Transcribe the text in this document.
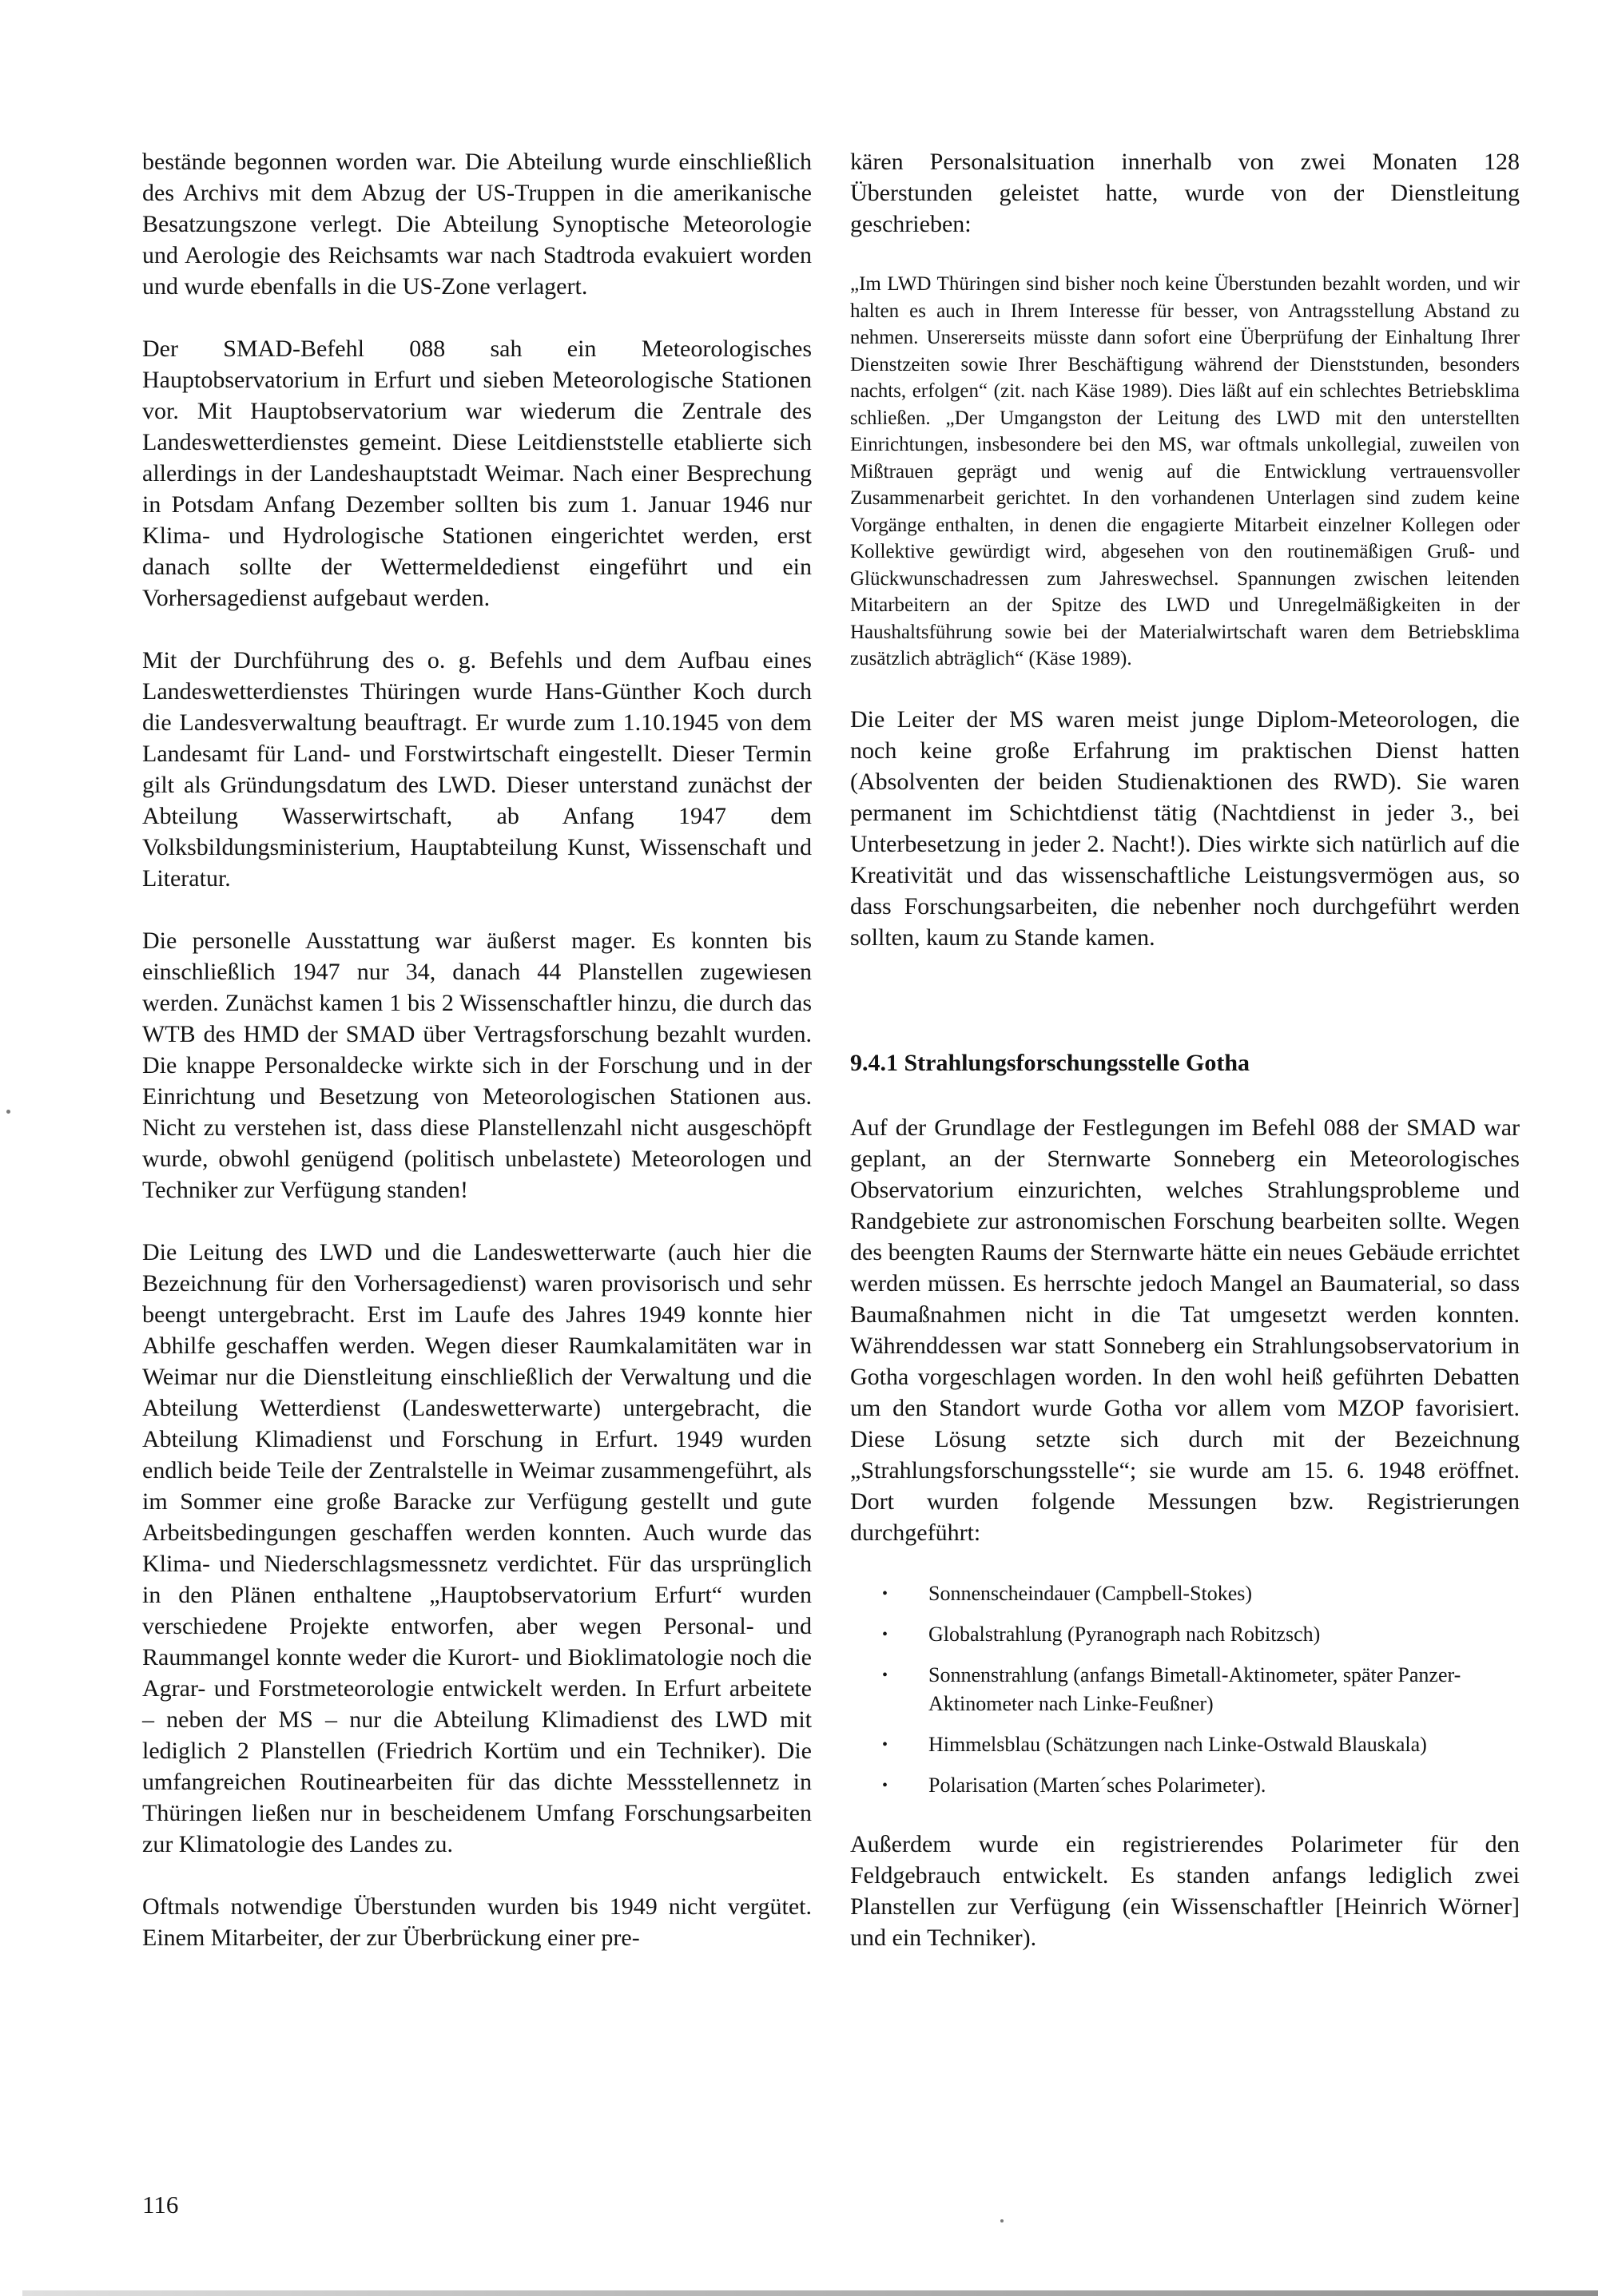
bestände begonnen worden war. Die Abteilung wurde einschließlich des Archivs mit dem Abzug der US-Truppen in die amerikanische Besatzungszone verlegt. Die Abteilung Synoptische Meteorologie und Aerologie des Reichsamts war nach Stadtroda evakuiert worden und wurde ebenfalls in die US-Zone verlagert.

Der SMAD-Befehl 088 sah ein Meteorologisches Hauptobservatorium in Erfurt und sieben Meteorologische Stationen vor. Mit Hauptobservatorium war wiederum die Zentrale des Landeswetterdienstes gemeint. Diese Leitdienststelle etablierte sich allerdings in der Landeshauptstadt Weimar. Nach einer Besprechung in Potsdam Anfang Dezember sollten bis zum 1. Januar 1946 nur Klima- und Hydrologische Stationen eingerichtet werden, erst danach sollte der Wettermeldedienst eingeführt und ein Vorhersagedienst aufgebaut werden.

Mit der Durchführung des o. g. Befehls und dem Aufbau eines Landeswetterdienstes Thüringen wurde Hans-Günther Koch durch die Landesverwaltung beauftragt. Er wurde zum 1.10.1945 von dem Landesamt für Land- und Forstwirtschaft eingestellt. Dieser Termin gilt als Gründungsdatum des LWD. Dieser unterstand zunächst der Abteilung Wasserwirtschaft, ab Anfang 1947 dem Volksbildungsministerium, Hauptabteilung Kunst, Wissenschaft und Literatur.

Die personelle Ausstattung war äußerst mager. Es konnten bis einschließlich 1947 nur 34, danach 44 Planstellen zugewiesen werden. Zunächst kamen 1 bis 2 Wissenschaftler hinzu, die durch das WTB des HMD der SMAD über Vertragsforschung bezahlt wurden. Die knappe Personaldecke wirkte sich in der Forschung und in der Einrichtung und Besetzung von Meteorologischen Stationen aus. Nicht zu verstehen ist, dass diese Planstellenzahl nicht ausgeschöpft wurde, obwohl genügend (politisch unbelastete) Meteorologen und Techniker zur Verfügung standen!

Die Leitung des LWD und die Landeswetterwarte (auch hier die Bezeichnung für den Vorhersagedienst) waren provisorisch und sehr beengt untergebracht. Erst im Laufe des Jahres 1949 konnte hier Abhilfe geschaffen werden. Wegen dieser Raumkalamitäten war in Weimar nur die Dienstleitung einschließlich der Verwaltung und die Abteilung Wetterdienst (Landeswetterwarte) untergebracht, die Abteilung Klimadienst und Forschung in Erfurt. 1949 wurden endlich beide Teile der Zentralstelle in Weimar zusammengeführt, als im Sommer eine große Baracke zur Verfügung gestellt und gute Arbeitsbedingungen geschaffen werden konnten. Auch wurde das Klima- und Niederschlagsmessnetz verdichtet. Für das ursprünglich in den Plänen enthaltene „Hauptobservatorium Erfurt“ wurden verschiedene Projekte entworfen, aber wegen Personal- und Raummangel konnte weder die Kurort- und Bioklimatologie noch die Agrar- und Forstmeteorologie entwickelt werden. In Erfurt arbeitete – neben der MS – nur die Abteilung Klimadienst des LWD mit lediglich 2 Planstellen (Friedrich Kortüm und ein Techniker). Die umfangreichen Routinearbeiten für das dichte Messstellennetz in Thüringen ließen nur in bescheidenem Umfang Forschungsarbeiten zur Klimatologie des Landes zu.

Oftmals notwendige Überstunden wurden bis 1949 nicht vergütet. Einem Mitarbeiter, der zur Überbrückung einer pre-

kären Personalsituation innerhalb von zwei Monaten 128 Überstunden geleistet hatte, wurde von der Dienstleitung geschrieben:

„Im LWD Thüringen sind bisher noch keine Überstunden bezahlt worden, und wir halten es auch in Ihrem Interesse für besser, von Antragsstellung Abstand zu nehmen. Unsererseits müsste dann sofort eine Überprüfung der Einhaltung Ihrer Dienstzeiten sowie Ihrer Beschäftigung während der Dienststunden, besonders nachts, erfolgen“ (zit. nach Käse 1989). Dies läßt auf ein schlechtes Betriebsklima schließen. „Der Umgangston der Leitung des LWD mit den unterstellten Einrichtungen, insbesondere bei den MS, war oftmals unkollegial, zuweilen von Mißtrauen geprägt und wenig auf die Entwicklung vertrauensvoller Zusammenarbeit gerichtet. In den vorhandenen Unterlagen sind zudem keine Vorgänge enthalten, in denen die engagierte Mitarbeit einzelner Kollegen oder Kollektive gewürdigt wird, abgesehen von den routinemäßigen Gruß- und Glückwunschadressen zum Jahreswechsel. Spannungen zwischen leitenden Mitarbeitern an der Spitze des LWD und Unregelmäßigkeiten in der Haushaltsführung sowie bei der Materialwirtschaft waren dem Betriebsklima zusätzlich abträglich“ (Käse 1989).

Die Leiter der MS waren meist junge Diplom-Meteorologen, die noch keine große Erfahrung im praktischen Dienst hatten (Absolventen der beiden Studienaktionen des RWD). Sie waren permanent im Schichtdienst tätig (Nachtdienst in jeder 3., bei Unterbesetzung in jeder 2. Nacht!). Dies wirkte sich natürlich auf die Kreativität und das wissenschaftliche Leistungsvermögen aus, so dass Forschungsarbeiten, die nebenher noch durchgeführt werden sollten, kaum zu Stande kamen.

9.4.1 Strahlungsforschungsstelle Gotha

Auf der Grundlage der Festlegungen im Befehl 088 der SMAD war geplant, an der Sternwarte Sonneberg ein Meteorologisches Observatorium einzurichten, welches Strahlungsprobleme und Randgebiete zur astronomischen Forschung bearbeiten sollte. Wegen des beengten Raums der Sternwarte hätte ein neues Gebäude errichtet werden müssen. Es herrschte jedoch Mangel an Baumaterial, so dass Baumaßnahmen nicht in die Tat umgesetzt werden konnten. Währenddessen war statt Sonneberg ein Strahlungsobservatorium in Gotha vorgeschlagen worden. In den wohl heiß geführten Debatten um den Standort wurde Gotha vor allem vom MZOP favorisiert. Diese Lösung setzte sich durch mit der Bezeichnung „Strahlungsforschungsstelle“; sie wurde am 15. 6. 1948 eröffnet. Dort wurden folgende Messungen bzw. Registrierungen durchgeführt:

•	Sonnenscheindauer (Campbell-Stokes)
•	Globalstrahlung (Pyranograph nach Robitzsch)
•	Sonnenstrahlung (anfangs Bimetall-Aktinometer, später Panzer-Aktinometer nach Linke-Feußner)
•	Himmelsblau (Schätzungen nach Linke-Ostwald Blauskala)
•	Polarisation (Marten´sches Polarimeter).

Außerdem wurde ein registrierendes Polarimeter für den Feldgebrauch entwickelt. Es standen anfangs lediglich zwei Planstellen zur Verfügung (ein Wissenschaftler [Heinrich Wörner] und ein Techniker).

116
